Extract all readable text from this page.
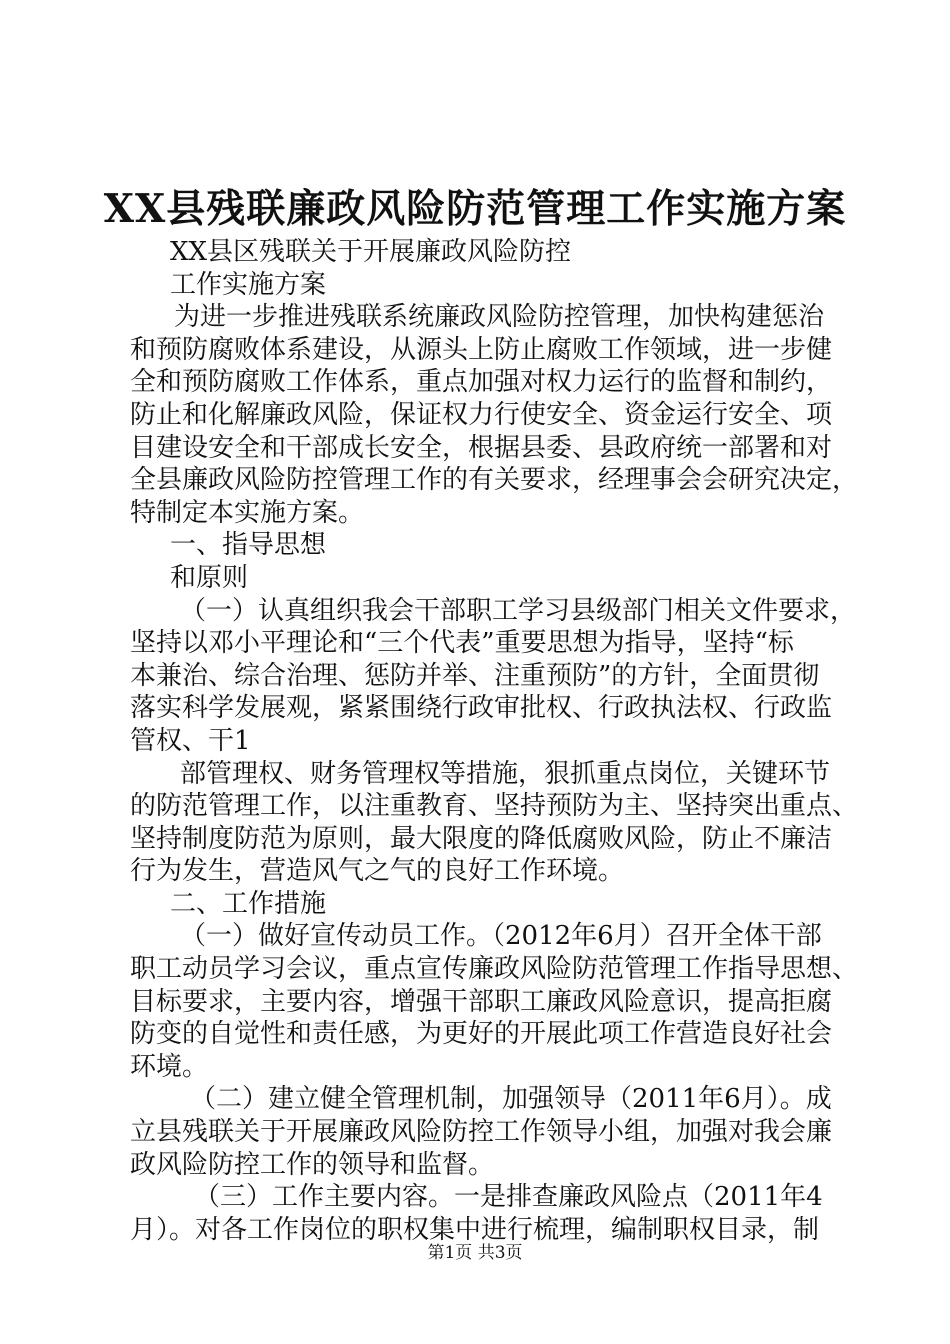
XX县残联廉政风险防范管理工作实施方案

XX县区残联关于开展廉政风险防控

工作实施方案

为进一步推进残联系统廉政风险防控管理，加快构建惩治

和预防腐败体系建设，从源头上防止腐败工作领域，进一步健

全和预防腐败工作体系，重点加强对权力运行的监督和制约，

防止和化解廉政风险，保证权力行使安全、资金运行安全、项

目建设安全和干部成长安全，根据县委、县政府统一部署和对

全县廉政风险防控管理工作的有关要求，经理事会会研究决定，

特制定本实施方案。

一、指导思想

和原则

（一）认真组织我会干部职工学习县级部门相关文件要求，

坚持以邓小平理论和“三个代表”重要思想为指导，坚持“标

本兼治、综合治理、惩防并举、注重预防”的方针，全面贯彻

落实科学发展观，紧紧围绕行政审批权、行政执法权、行政监

管权、干1

部管理权、财务管理权等措施，狠抓重点岗位，关键环节

的防范管理工作，以注重教育、坚持预防为主、坚持突出重点、

坚持制度防范为原则，最大限度的降低腐败风险，防止不廉洁

行为发生，营造风气之气的良好工作环境。

二、工作措施

（一）做好宣传动员工作。（2012年6月）召开全体干部

职工动员学习会议，重点宣传廉政风险防范管理工作指导思想、

目标要求，主要内容，增强干部职工廉政风险意识，提高拒腐

防变的自觉性和责任感，为更好的开展此项工作营造良好社会

环境。

（二）建立健全管理机制，加强领导（2011年6月）。成

立县残联关于开展廉政风险防控工作领导小组，加强对我会廉

政风险防控工作的领导和监督。

（三）工作主要内容。一是排查廉政风险点（2011年4

月）。对各工作岗位的职权集中进行梳理，编制职权目录，制

第1页 共3页
